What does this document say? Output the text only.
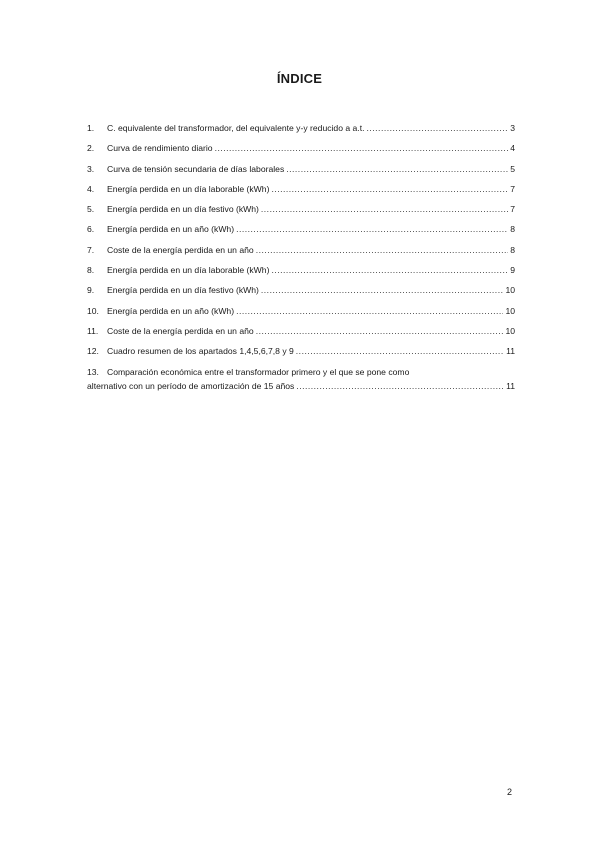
ÍNDICE
1.	C. equivalente del transformador, del equivalente y-y reducido a a.t. .....	3
2.	Curva de rendimiento diario .....	4
3.	Curva de tensión secundaria de días laborales .....	5
4.	Energía perdida en un día laborable (kWh) .....	7
5.	Energía perdida en un día festivo (kWh) .....	7
6.	Energía perdida en un año (kWh) .....	8
7.	Coste de la energía perdida en un año .....	8
8.	Energía perdida en un día laborable (kWh) .....	9
9.	Energía perdida en un día festivo (kWh) .....	10
10. Energía perdida en un año (kWh) .....	10
11.	Coste de la energía perdida en un año .....	10
12. Cuadro resumen de los apartados 1,4,5,6,7,8 y 9 .....	11
13. Comparación económica entre el transformador primero y el que se pone como
alternativo con un período de amortización de 15 años .....	11
2
